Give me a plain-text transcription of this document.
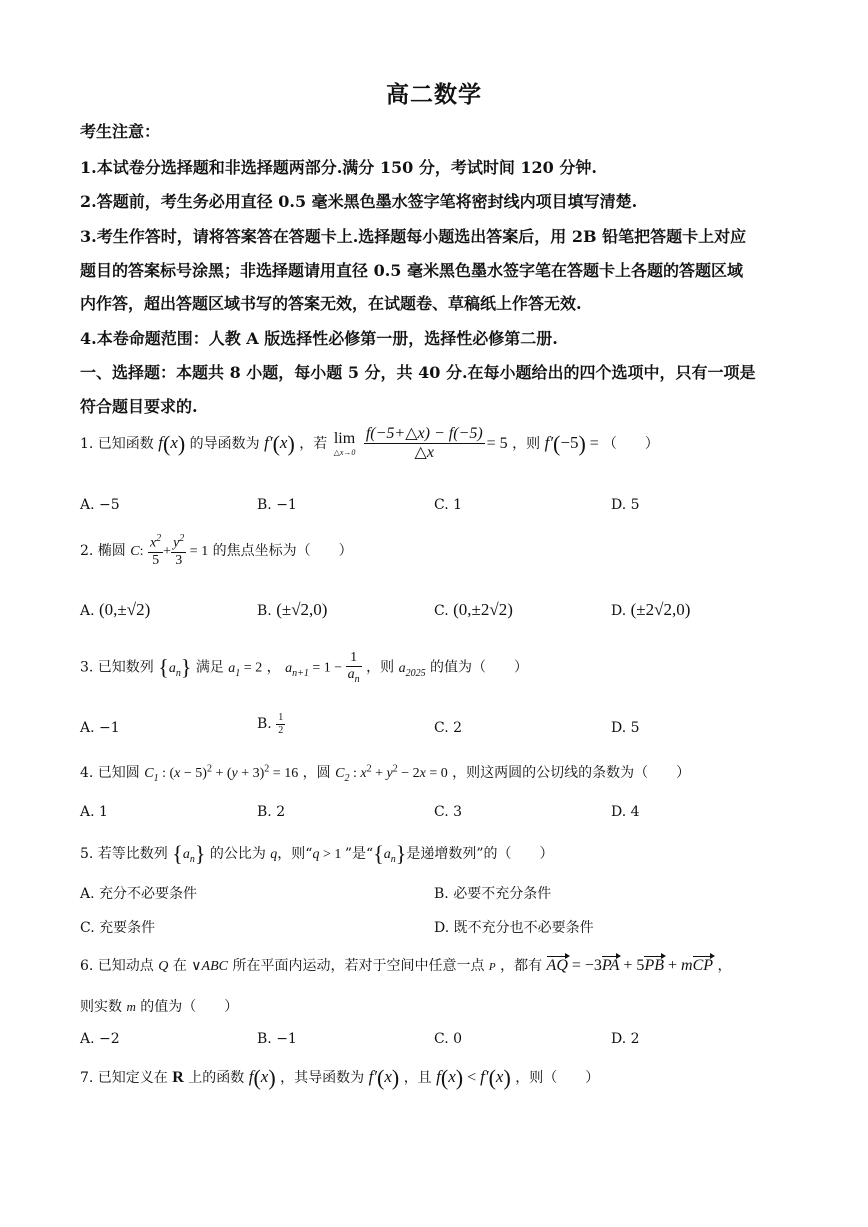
高二数学
考生注意：
1.本试卷分选择题和非选择题两部分.满分 150 分，考试时间 120 分钟.
2.答题前，考生务必用直径 0.5 毫米黑色墨水签字笔将密封线内项目填写清楚.
3.考生作答时，请将答案答在答题卡上.选择题每小题选出答案后，用 2B 铅笔把答题卡上对应
题目的答案标号涂黑；非选择题请用直径 0.5 毫米黑色墨水签字笔在答题卡上各题的答题区域
内作答，超出答题区域书写的答案无效，在试题卷、草稿纸上作答无效.
4.本卷命题范围：人教 A 版选择性必修第一册，选择性必修第二册.
一、选择题：本题共 8 小题，每小题 5 分，共 40 分.在每小题给出的四个选项中，只有一项是
符合题目要求的.
1. 已知函数 f(x) 的导函数为 f′(x) ，若 lim
△x→0
$\frac{f(-5+\triangle x) - f(-5)}{\triangle x} = 5$ ，则 f′(−5) = （　　）
A. −5	B. −1	C. 1	D. 5
2. 椭圆 C: $\frac{x^2}{5} + \frac{y^2}{3} = 1$ 的焦点坐标为（　　）
A. (0,±√2)	B. (±√2,0)	C. (0,±2√2)	D. (±2√2,0)
3. 已知数列 $\{a_n\}$ 满足 $a_1 = 2$ ， $a_{n+1} = 1 - \frac{1}{a_n}$ ，则 $a_{2025}$ 的值为（　　）
A. −1	B. $\frac{1}{2}$	C. 2	D. 5
4. 已知圆 $C_1$ : $(x - 5)^2 + (y + 3)^2 = 16$ ，圆 $C_2$ : $x^2 + y^2 - 2x = 0$ ，则这两圆的公切线的条数为（　　）
A. 1	B. 2	C. 3	D. 4
5. 若等比数列 $\{a_n\}$ 的公比为 q，则“q > 1 ”是“$\{a_n\}$是递增数列”的（　　）
A. 充分不必要条件	B. 必要不充分条件
C. 充要条件	D. 既不充分也不必要条件
6. 已知动点 Q 在 ∨ABC 所在平面内运动，若对于空间中任意一点 P ，都有 AQ = −3PA + 5PB + mCP ，
则实数 m 的值为（　　）
A. −2	B. −1	C. 0	D. 2
7. 已知定义在 R 上的函数 f(x) ，其导函数为 f′(x) ，且 f(x) < f′(x) ，则（　　）
